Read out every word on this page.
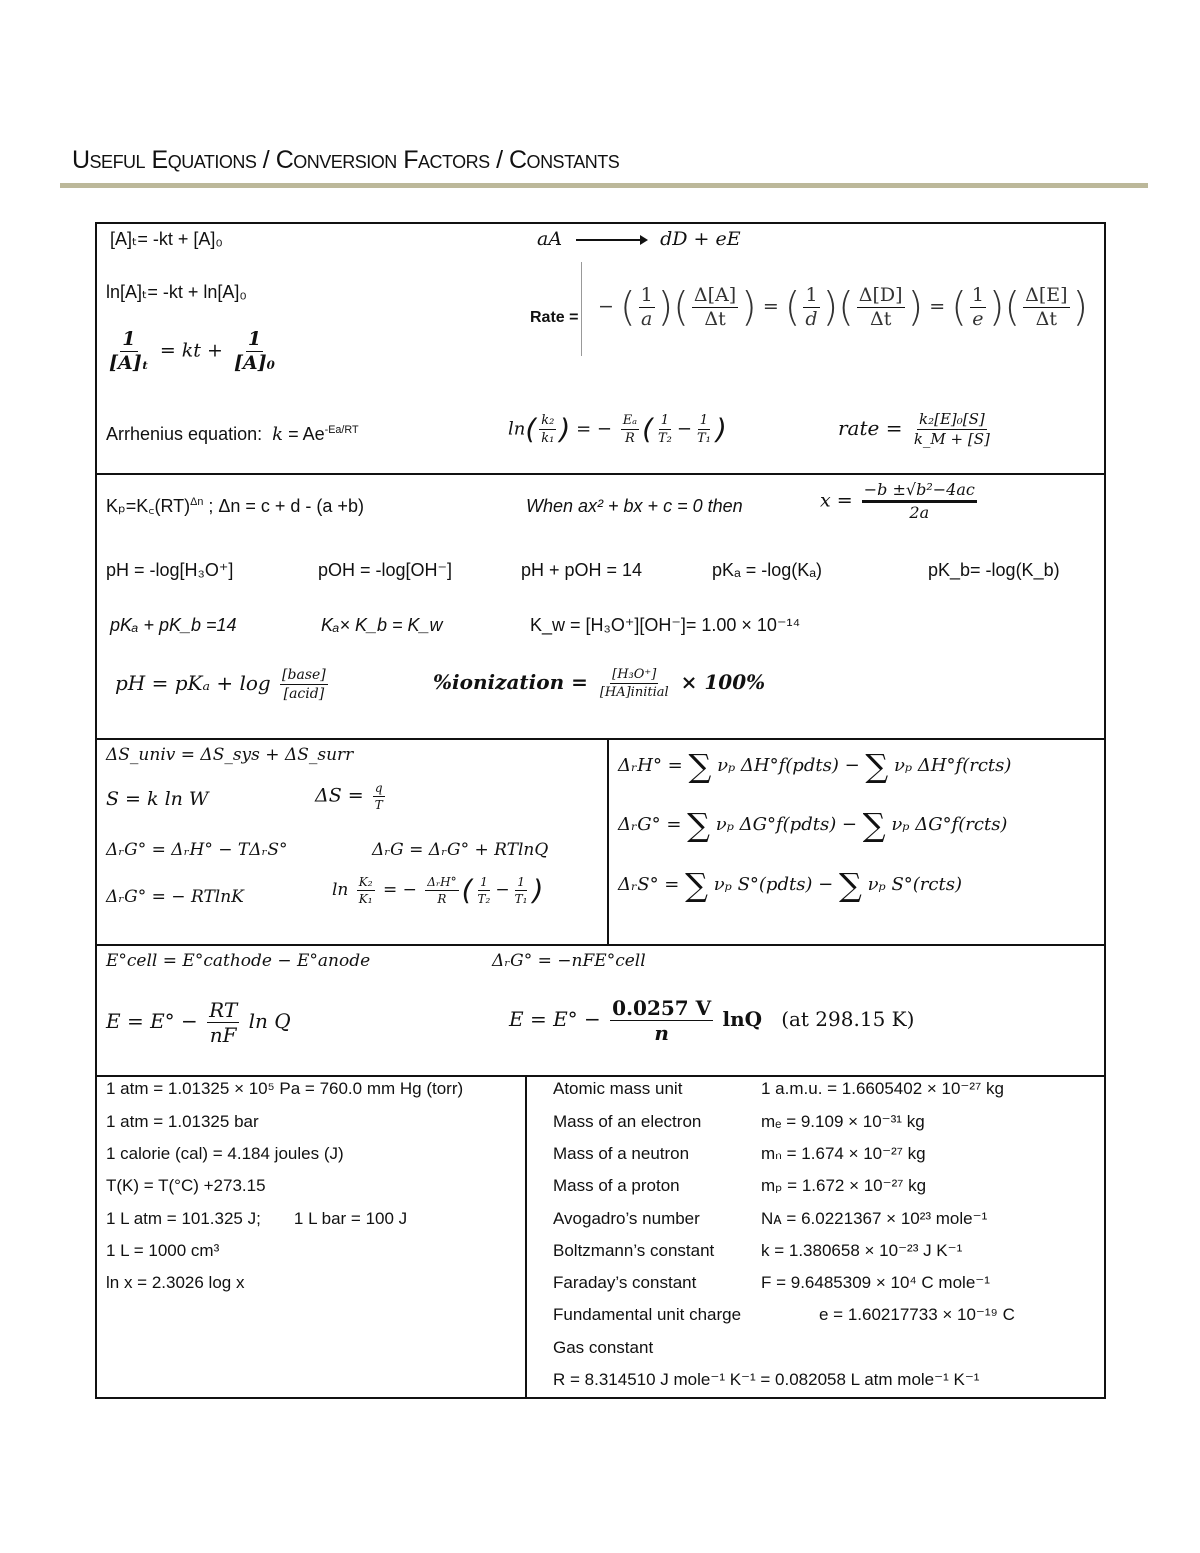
Useful Equations / Conversion Factors / Constants
[A]ₜ= -kt + [A]₀
ln[A]ₜ= -kt + ln[A]₀
$\frac{1}{\text{[A]ₜ}}$ = kt + $\frac{1}{\text{[A]₀}}$
aA → dD + eE
Rate = − ( $\frac{1}{a}$ )( $\frac{\Delta[A]}{\Delta t}$ ) = ( $\frac{1}{d}$ )( $\frac{\Delta[D]}{\Delta t}$ ) = ( $\frac{1}{e}$ )( $\frac{\Delta[E]}{\Delta t}$ )
Arrhenius equation: $k = Ae^{-Ea/RT}$	$\ln( \frac{\text{k₂}}{\text{k₁}}$ ) = − $\frac{\text{Eₐ}}{R}$ ( $\frac{1}{\text{T₂}} - \frac{1}{\text{T₁}}$ )	rate = $\frac{\text{k₂[E]₀[S]}}{k\_M + [S]}$
Kₚ=K꜀(RT)$^{\Delta n}$ ; Δn = c + d - (a +b)	When ax² + bx + c = 0 then	$x = \frac{\text{−b ±√b²−4ac}}{2a}$
pH = -log[H₃O⁺]	pOH = -log[OH⁻]	pH + pOH = 14	pKₐ = -log(Kₐ)	pK_b= -log(K_b)
pKₐ + pK_b =14	Kₐ× K_b = K_w	K_w = [H₃O⁺][OH⁻]= 1.00 × 10⁻¹⁴
pH = $pK_a + \log \frac{\text{[base]}}{\text{[acid]}}$	%ionization = $\frac{\text{[H₃O⁺]}}{\text{[HA]initial}} \times 100\%$
ΔS_univ = ΔS_sys + ΔS_surr
S = k ln W	$\Delta S = \frac{q}{T}$
ΔᵣG° = ΔᵣH° − TΔᵣS°	ΔᵣG = ΔᵣG° + RTlnQ
ΔᵣG° = − RTlnK	$\ln \frac{\text{K₂}}{\text{K₁}}$ = − $\frac{\text{ΔᵣH°}}{R}$ ( $\frac{1}{\text{T₂}} - \frac{1}{\text{T₁}}$ )
ΔᵣH° = ∑ νₚ ΔH°f(pdts) − ∑ νₚ ΔH°f(rcts)
ΔᵣG° = ∑ νₚ ΔG°f(pdts) − ∑ νₚ ΔG°f(rcts)
ΔᵣS° = ∑ νₚ S°(pdts) − ∑ νₚ S°(rcts)
E°cell = E°cathode − E°anode	ΔᵣG° = −nFE°cell
$E = E^\circ - \frac{RT}{nF}$ ln Q	$E = E^\circ - \frac{0.0257 V}{n}$ lnQ (at 298.15 K)
1 atm = 1.01325 × 10⁵ Pa = 760.0 mm Hg (torr)
1 atm = 1.01325 bar
1 calorie (cal) = 4.184 joules (J)
T(K) = T(°C) +273.15
1 L atm = 101.325 J;       1 L bar = 100 J
1 L = 1000 cm³
ln x = 2.3026 log x
Atomic mass unit	1 a.m.u. = 1.6605402 × 10⁻²⁷ kg
Mass of an electron	mₑ = 9.109 × 10⁻³¹ kg
Mass of a neutron	mₙ = 1.674 × 10⁻²⁷ kg
Mass of a proton	mₚ = 1.672 × 10⁻²⁷ kg
Avogadro’s number	Nᴀ = 6.0221367 × 10²³ mole⁻¹
Boltzmann’s constant	k = 1.380658 × 10⁻²³ J K⁻¹
Faraday’s constant	F = 9.6485309 × 10⁴ C mole⁻¹
Fundamental unit charge	e = 1.60217733 × 10⁻¹⁹ C
Gas constant
R = 8.314510 J mole⁻¹ K⁻¹ = 0.082058 L atm mole⁻¹ K⁻¹
